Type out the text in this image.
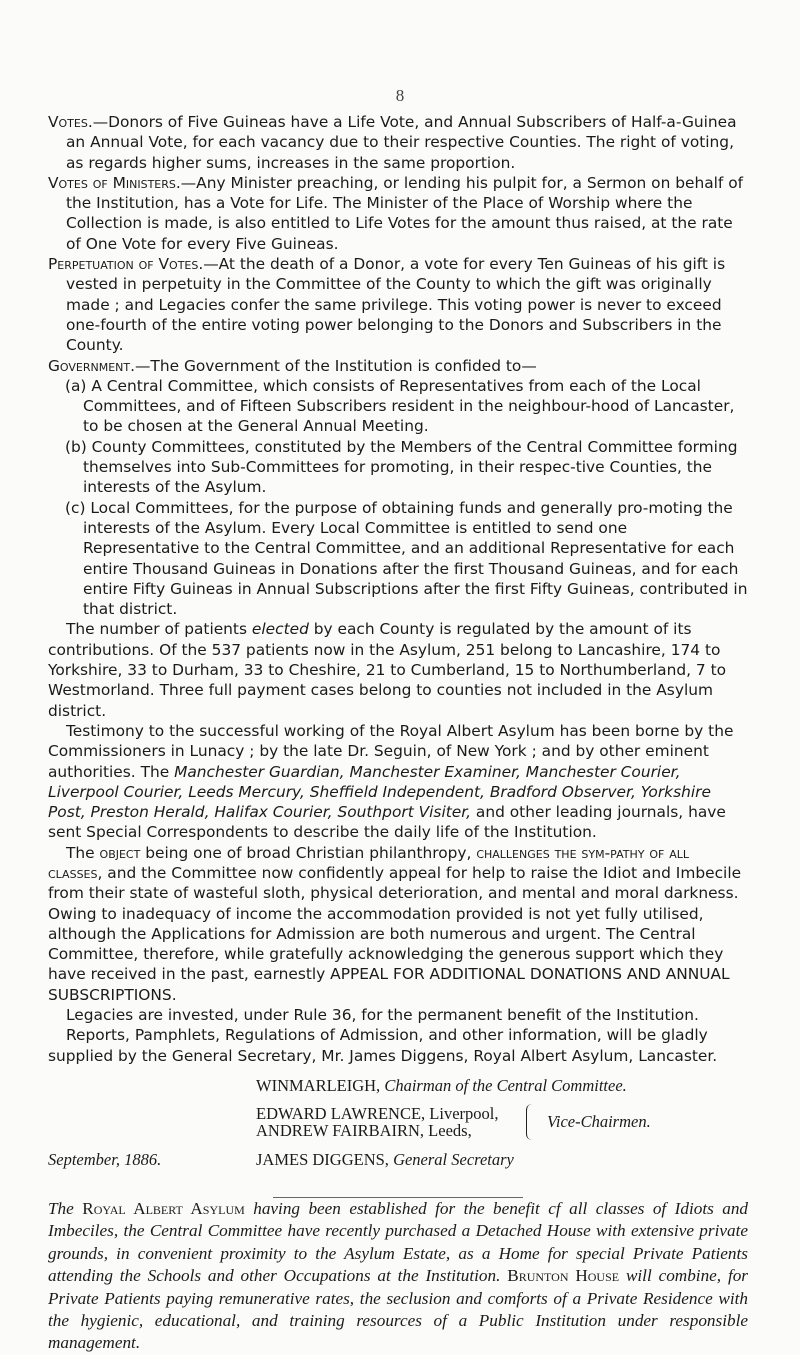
8

Votes.—Donors of Five Guineas have a Life Vote, and Annual Subscribers of Half-a-Guinea an Annual Vote, for each vacancy due to their respective Counties. The right of voting, as regards higher sums, increases in the same proportion.

Votes of Ministers.—Any Minister preaching, or lending his pulpit for, a Sermon on behalf of the Institution, has a Vote for Life. The Minister of the Place of Worship where the Collection is made, is also entitled to Life Votes for the amount thus raised, at the rate of One Vote for every Five Guineas.

Perpetuation of Votes.—At the death of a Donor, a vote for every Ten Guineas of his gift is vested in perpetuity in the Committee of the County to which the gift was originally made ; and Legacies confer the same privilege. This voting power is never to exceed one-fourth of the entire voting power belonging to the Donors and Subscribers in the County.

Government.—The Government of the Institution is confided to—

(a) A Central Committee, which consists of Representatives from each of the Local Committees, and of Fifteen Subscribers resident in the neighbour-hood of Lancaster, to be chosen at the General Annual Meeting.

(b) County Committees, constituted by the Members of the Central Committee forming themselves into Sub-Committees for promoting, in their respec-tive Counties, the interests of the Asylum.

(c) Local Committees, for the purpose of obtaining funds and generally pro-moting the interests of the Asylum. Every Local Committee is entitled to send one Representative to the Central Committee, and an additional Representative for each entire Thousand Guineas in Donations after the first Thousand Guineas, and for each entire Fifty Guineas in Annual Subscriptions after the first Fifty Guineas, contributed in that district.

The number of patients elected by each County is regulated by the amount of its contributions. Of the 537 patients now in the Asylum, 251 belong to Lancashire, 174 to Yorkshire, 33 to Durham, 33 to Cheshire, 21 to Cumberland, 15 to Northumberland, 7 to Westmorland. Three full payment cases belong to counties not included in the Asylum district.

Testimony to the successful working of the Royal Albert Asylum has been borne by the Commissioners in Lunacy ; by the late Dr. Seguin, of New York ; and by other eminent authorities. The Manchester Guardian, Manchester Examiner, Manchester Courier, Liverpool Courier, Leeds Mercury, Sheffield Independent, Bradford Observer, Yorkshire Post, Preston Herald, Halifax Courier, Southport Visiter, and other leading journals, have sent Special Correspondents to describe the daily life of the Institution.

The object being one of broad Christian philanthropy, challenges the sym-pathy of all classes, and the Committee now confidently appeal for help to raise the Idiot and Imbecile from their state of wasteful sloth, physical deterioration, and mental and moral darkness. Owing to inadequacy of income the accommodation provided is not yet fully utilised, although the Applications for Admission are both numerous and urgent. The Central Committee, therefore, while gratefully acknowledging the generous support which they have received in the past, earnestly APPEAL FOR ADDITIONAL DONATIONS AND ANNUAL SUBSCRIPTIONS.

Legacies are invested, under Rule 36, for the permanent benefit of the Institution.

Reports, Pamphlets, Regulations of Admission, and other information, will be gladly supplied by the General Secretary, Mr. James Diggens, Royal Albert Asylum, Lancaster.

WINMARLEIGH, Chairman of the Central Committee.
EDWARD LAWRENCE, Liverpool,
ANDREW FAIRBAIRN, Leeds,	Vice-Chairmen.
September, 1886.	JAMES DIGGENS, General Secretary

The Royal Albert Asylum having been established for the benefit cf all classes of Idiots and Imbeciles, the Central Committee have recently purchased a Detached House with extensive private grounds, in convenient proximity to the Asylum Estate, as a Home for special Private Patients attending the Schools and other Occupations at the Institution. Brunton House will combine, for Private Patients paying remunerative rates, the seclusion and comforts of a Private Residence with the hygienic, educational, and training resources of a Public Institution under responsible management.
